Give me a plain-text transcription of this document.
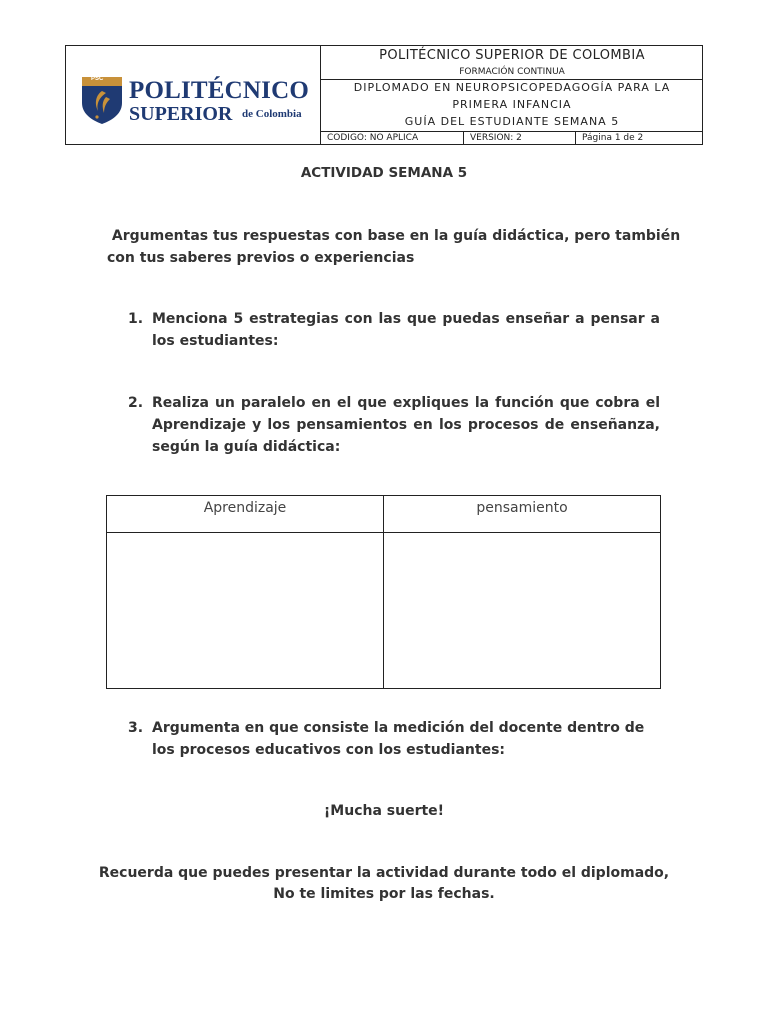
PSC POLITÉCNICO
SUPERIOR de Colombia
POLITÉCNICO SUPERIOR DE COLOMBIA
FORMACIÓN CONTINUA
DIPLOMADO EN NEUROPSICOPEDAGOGÍA PARA LA
PRIMERA INFANCIA
GUÍA DEL ESTUDIANTE SEMANA 5
CODIGO: NO APLICA	VERSION: 2	Página 1 de 2
ACTIVIDAD SEMANA 5
Argumentas tus respuestas con base en la guía didáctica, pero también
con tus saberes previos o experiencias
1. Menciona 5 estrategias con las que puedas enseñar a pensar a los estudiantes:
2. Realiza un paralelo en el que expliques la función que cobra el Aprendizaje y los pensamientos en los procesos de enseñanza, según la guía didáctica:
Aprendizaje	pensamiento

3. Argumenta en que consiste la medición del docente dentro de los procesos educativos con los estudiantes:
¡Mucha suerte!
Recuerda que puedes presentar la actividad durante todo el diplomado,
No te limites por las fechas.
